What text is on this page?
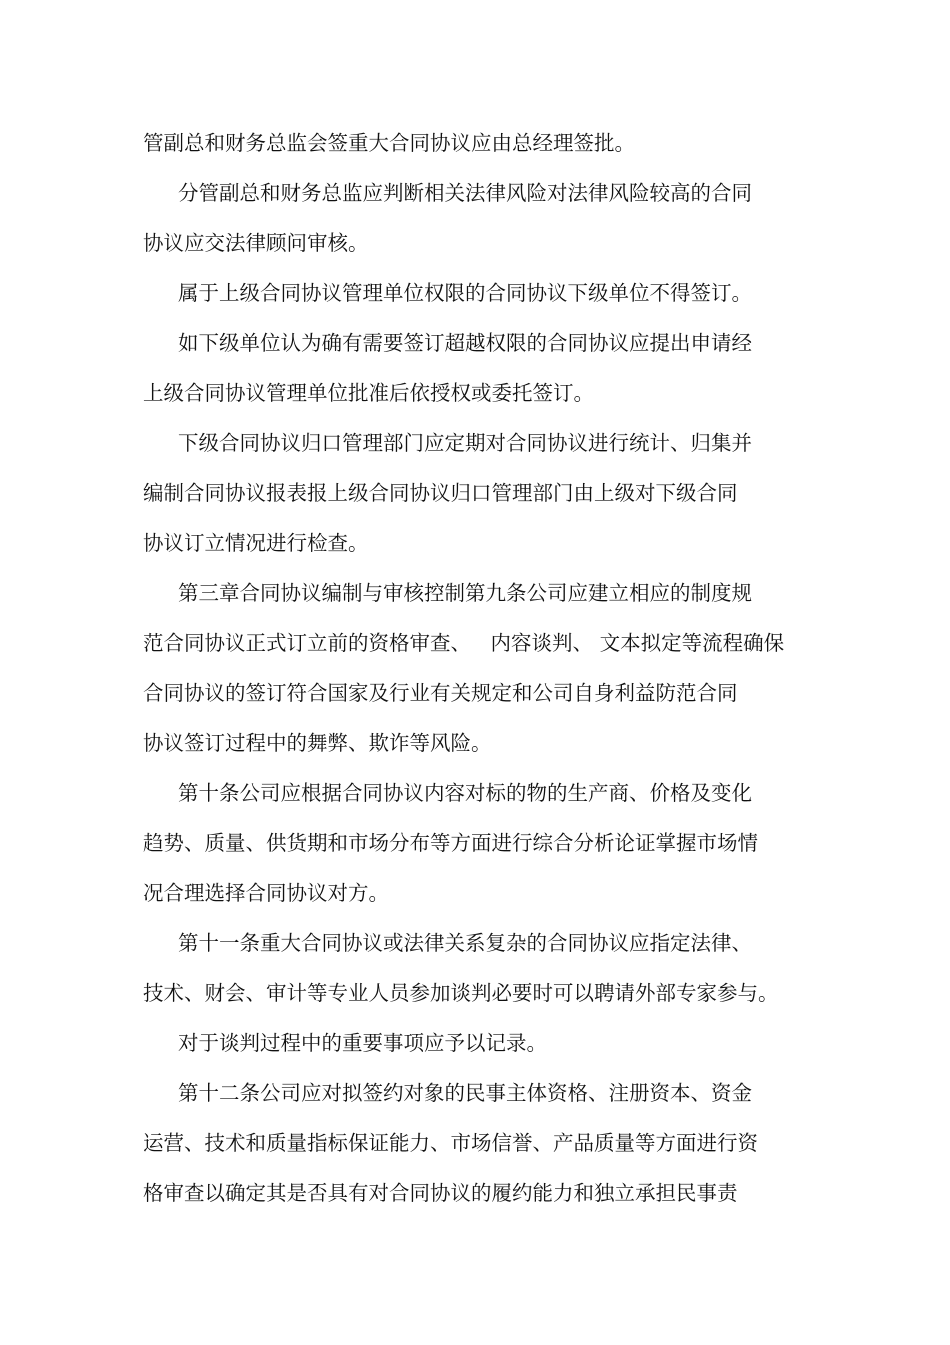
管副总和财务总监会签重大合同协议应由总经理签批。
分管副总和财务总监应判断相关法律风险对法律风险较高的合同
协议应交法律顾问审核。
属于上级合同协议管理单位权限的合同协议下级单位不得签订。
如下级单位认为确有需要签订超越权限的合同协议应提出申请经
上级合同协议管理单位批准后依授权或委托签订。
下级合同协议归口管理部门应定期对合同协议进行统计、归集并
编制合同协议报表报上级合同协议归口管理部门由上级对下级合同
协议订立情况进行检查。
第三章合同协议编制与审核控制第九条公司应建立相应的制度规
范合同协议正式订立前的资格审查、   内容谈判、 文本拟定等流程确保
合同协议的签订符合国家及行业有关规定和公司自身利益防范合同
协议签订过程中的舞弊、欺诈等风险。
第十条公司应根据合同协议内容对标的物的生产商、价格及变化
趋势、质量、供货期和市场分布等方面进行综合分析论证掌握市场情
况合理选择合同协议对方。
第十一条重大合同协议或法律关系复杂的合同协议应指定法律、
技术、财会、审计等专业人员参加谈判必要时可以聘请外部专家参与。
对于谈判过程中的重要事项应予以记录。
第十二条公司应对拟签约对象的民事主体资格、注册资本、资金
运营、技术和质量指标保证能力、市场信誉、产品质量等方面进行资
格审查以确定其是否具有对合同协议的履约能力和独立承担民事责
